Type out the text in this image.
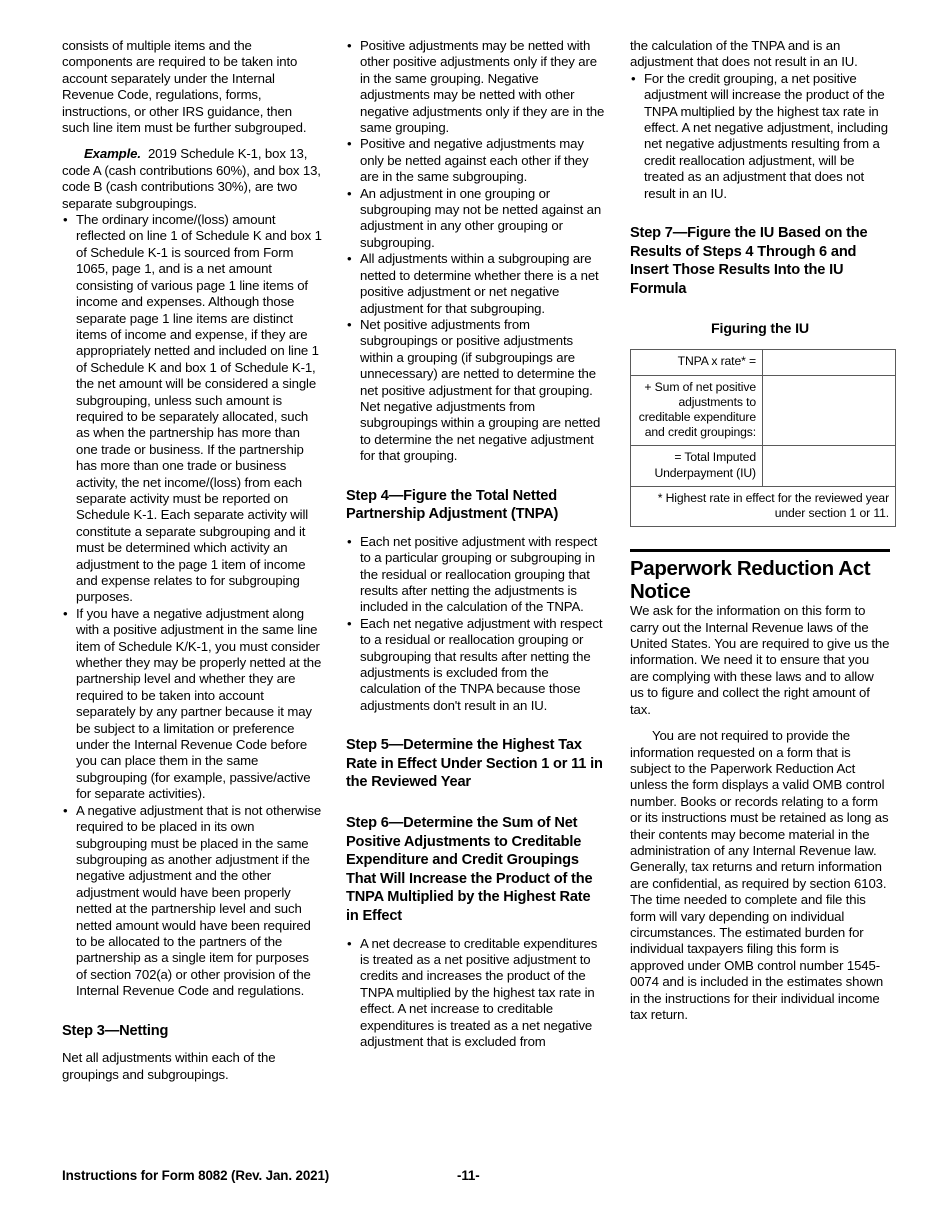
consists of multiple items and the components are required to be taken into account separately under the Internal Revenue Code, regulations, forms, instructions, or other IRS guidance, then such line item must be further subgrouped.

Example. 2019 Schedule K-1, box 13, code A (cash contributions 60%), and box 13, code B (cash contributions 30%), are two separate subgroupings.

• The ordinary income/(loss) amount reflected on line 1 of Schedule K and box 1 of Schedule K-1 is sourced from Form 1065, page 1, and is a net amount consisting of various page 1 line items of income and expenses. Although those separate page 1 line items are distinct items of income and expense, if they are appropriately netted and included on line 1 of Schedule K and box 1 of Schedule K-1, the net amount will be considered a single subgrouping, unless such amount is required to be separately allocated, such as when the partnership has more than one trade or business. If the partnership has more than one trade or business activity, the net income/(loss) from each separate activity must be reported on Schedule K-1. Each separate activity will constitute a separate subgrouping and it must be determined which activity an adjustment to the page 1 item of income and expense relates to for subgrouping purposes.

• If you have a negative adjustment along with a positive adjustment in the same line item of Schedule K/K-1, you must consider whether they may be properly netted at the partnership level and whether they are required to be taken into account separately by any partner because it may be subject to a limitation or preference under the Internal Revenue Code before you can place them in the same subgrouping (for example, passive/active for separate activities).

• A negative adjustment that is not otherwise required to be placed in its own subgrouping must be placed in the same subgrouping as another adjustment if the negative adjustment and the other adjustment would have been properly netted at the partnership level and such netted amount would have been required to be allocated to the partners of the partnership as a single item for purposes of section 702(a) or other provision of the Internal Revenue Code and regulations.

Step 3—Netting

Net all adjustments within each of the groupings and subgroupings.

• Positive adjustments may be netted with other positive adjustments only if they are in the same grouping. Negative adjustments may be netted with other negative adjustments only if they are in the same grouping.

• Positive and negative adjustments may only be netted against each other if they are in the same subgrouping.

• An adjustment in one grouping or subgrouping may not be netted against an adjustment in any other grouping or subgrouping.

• All adjustments within a subgrouping are netted to determine whether there is a net positive adjustment or net negative adjustment for that subgrouping.

• Net positive adjustments from subgroupings or positive adjustments within a grouping (if subgroupings are unnecessary) are netted to determine the net positive adjustment for that grouping. Net negative adjustments from subgroupings within a grouping are netted to determine the net negative adjustment for that grouping.

Step 4—Figure the Total Netted Partnership Adjustment (TNPA)

• Each net positive adjustment with respect to a particular grouping or subgrouping in the residual or reallocation grouping that results after netting the adjustments is included in the calculation of the TNPA.

• Each net negative adjustment with respect to a residual or reallocation grouping or subgrouping that results after netting the adjustments is excluded from the calculation of the TNPA because those adjustments don't result in an IU.

Step 5—Determine the Highest Tax Rate in Effect Under Section 1 or 11 in the Reviewed Year
Step 6—Determine the Sum of Net Positive Adjustments to Creditable Expenditure and Credit Groupings That Will Increase the Product of the TNPA Multiplied by the Highest Rate in Effect

• A net decrease to creditable expenditures is treated as a net positive adjustment to credits and increases the product of the TNPA multiplied by the highest tax rate in effect. A net increase to creditable expenditures is treated as a net negative adjustment that is excluded from

the calculation of the TNPA and is an adjustment that does not result in an IU.

• For the credit grouping, a net positive adjustment will increase the product of the TNPA multiplied by the highest tax rate in effect. A net negative adjustment, including net negative adjustments resulting from a credit reallocation adjustment, will be treated as an adjustment that does not result in an IU.

Step 7—Figure the IU Based on the Results of Steps 4 Through 6 and Insert Those Results Into the IU Formula
Figuring the IU
TNPA x rate* =	
+ Sum of net positive adjustments to creditable expenditure and credit groupings:	
= Total Imputed Underpayment (IU)	
* Highest rate in effect for the reviewed year under section 1 or 11.	
Paperwork Reduction Act Notice

We ask for the information on this form to carry out the Internal Revenue laws of the United States. You are required to give us the information. We need it to ensure that you are complying with these laws and to allow us to figure and collect the right amount of tax.

You are not required to provide the information requested on a form that is subject to the Paperwork Reduction Act unless the form displays a valid OMB control number. Books or records relating to a form or its instructions must be retained as long as their contents may become material in the administration of any Internal Revenue law. Generally, tax returns and return information are confidential, as required by section 6103. The time needed to complete and file this form will vary depending on individual circumstances. The estimated burden for individual taxpayers filing this form is approved under OMB control number 1545-0074 and is included in the estimates shown in the instructions for their individual income tax return.

Instructions for Form 8082 (Rev. Jan. 2021)	-11-
